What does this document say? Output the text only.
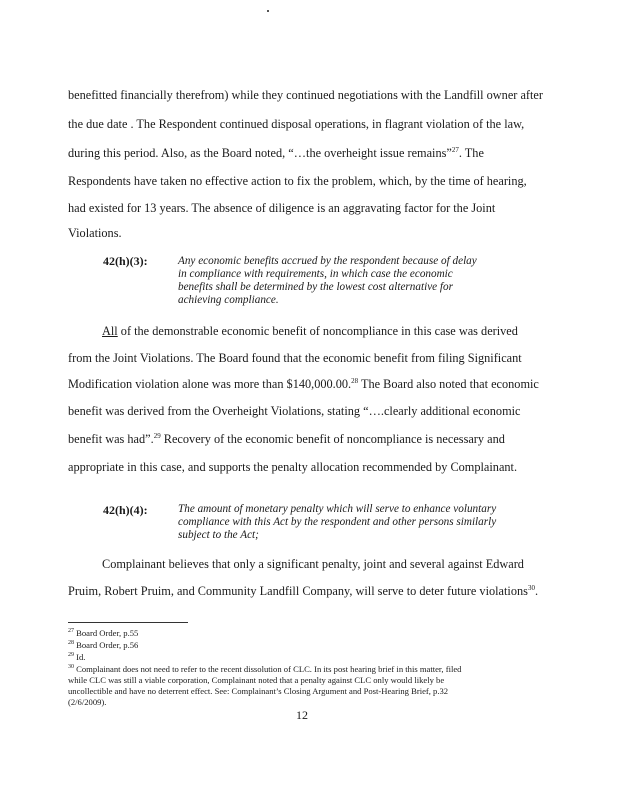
benefitted financially therefrom) while they continued negotiations with the Landfill owner after
the due date . The Respondent continued disposal operations, in flagrant violation of the law,
during this period. Also, as the Board noted, “…the overheight issue remains”$^{27}$. The
Respondents have taken no effective action to fix the problem, which, by the time of hearing,
had existed for 13 years. The absence of diligence is an aggravating factor for the Joint
Violations.
42(h)(3):	Any economic benefits accrued by the respondent because of delay
in compliance with requirements, in which case the economic
benefits shall be determined by the lowest cost alternative for
achieving compliance.
All of the demonstrable economic benefit of noncompliance in this case was derived
from the Joint Violations. The Board found that the economic benefit from filing Significant
Modification violation alone was more than $140,000.00.28 The Board also noted that economic
benefit was derived from the Overheight Violations, stating “….clearly additional economic
benefit was had”.$^{29}$ Recovery of the economic benefit of noncompliance is necessary and
appropriate in this case, and supports the penalty allocation recommended by Complainant.
42(h)(4):	The amount of monetary penalty which will serve to enhance voluntary
compliance with this Act by the respondent and other persons similarly
subject to the Act;
Complainant believes that only a significant penalty, joint and several against Edward
Pruim, Robert Pruim, and Community Landfill Company, will serve to deter future violations$^{30}$.
$^{27}$ Board Order, p.55
$^{28}$ Board Order, p.56
$^{29}$ Id.
$^{30}$ Complainant does not need to refer to the recent dissolution of CLC. In its post hearing brief in this matter, filed
while CLC was still a viable corporation, Complainant noted that a penalty against CLC only would likely be
uncollectible and have no deterrent effect. See: Complainant’s Closing Argument and Post-Hearing Brief, p.32
(2/6/2009).
12
